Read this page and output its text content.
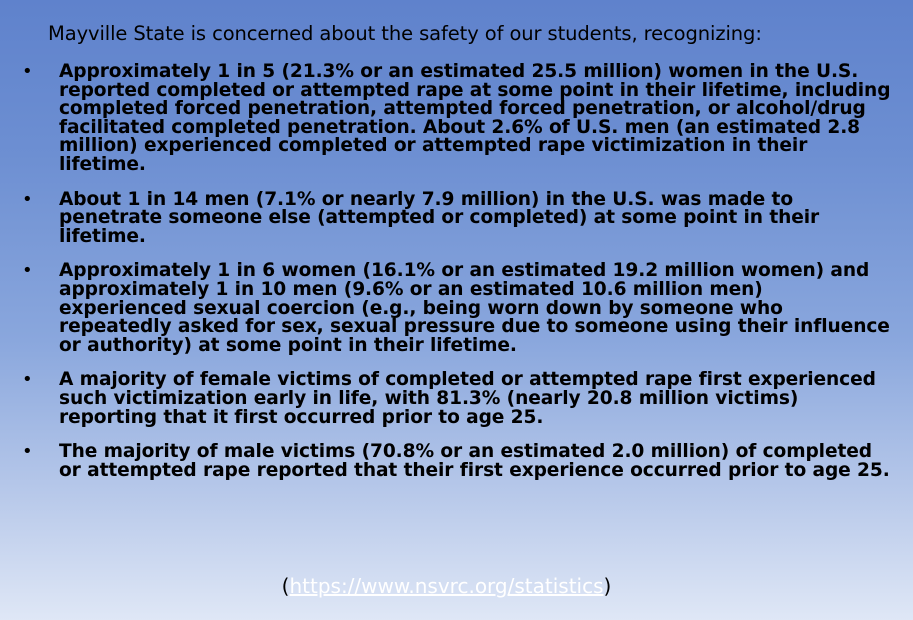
Mayville State is concerned about the safety of our students, recognizing:
• Approximately 1 in 5 (21.3% or an estimated 25.5 million) women in the U.S. reported completed or attempted rape at some point in their lifetime, including completed forced penetration, attempted forced penetration, or alcohol/drug facilitated completed penetration. About 2.6% of U.S. men (an estimated 2.8 million) experienced completed or attempted rape victimization in their lifetime.
• About 1 in 14 men (7.1% or nearly 7.9 million) in the U.S. was made to penetrate someone else (attempted or completed) at some point in their lifetime.
• Approximately 1 in 6 women (16.1% or an estimated 19.2 million women) and approximately 1 in 10 men (9.6% or an estimated 10.6 million men) experienced sexual coercion (e.g., being worn down by someone who repeatedly asked for sex, sexual pressure due to someone using their influence or authority) at some point in their lifetime.
• A majority of female victims of completed or attempted rape first experienced such victimization early in life, with 81.3% (nearly 20.8 million victims) reporting that it first occurred prior to age 25.
• The majority of male victims (70.8% or an estimated 2.0 million) of completed or attempted rape reported that their first experience occurred prior to age 25.
(https://www.nsvrc.org/statistics)
